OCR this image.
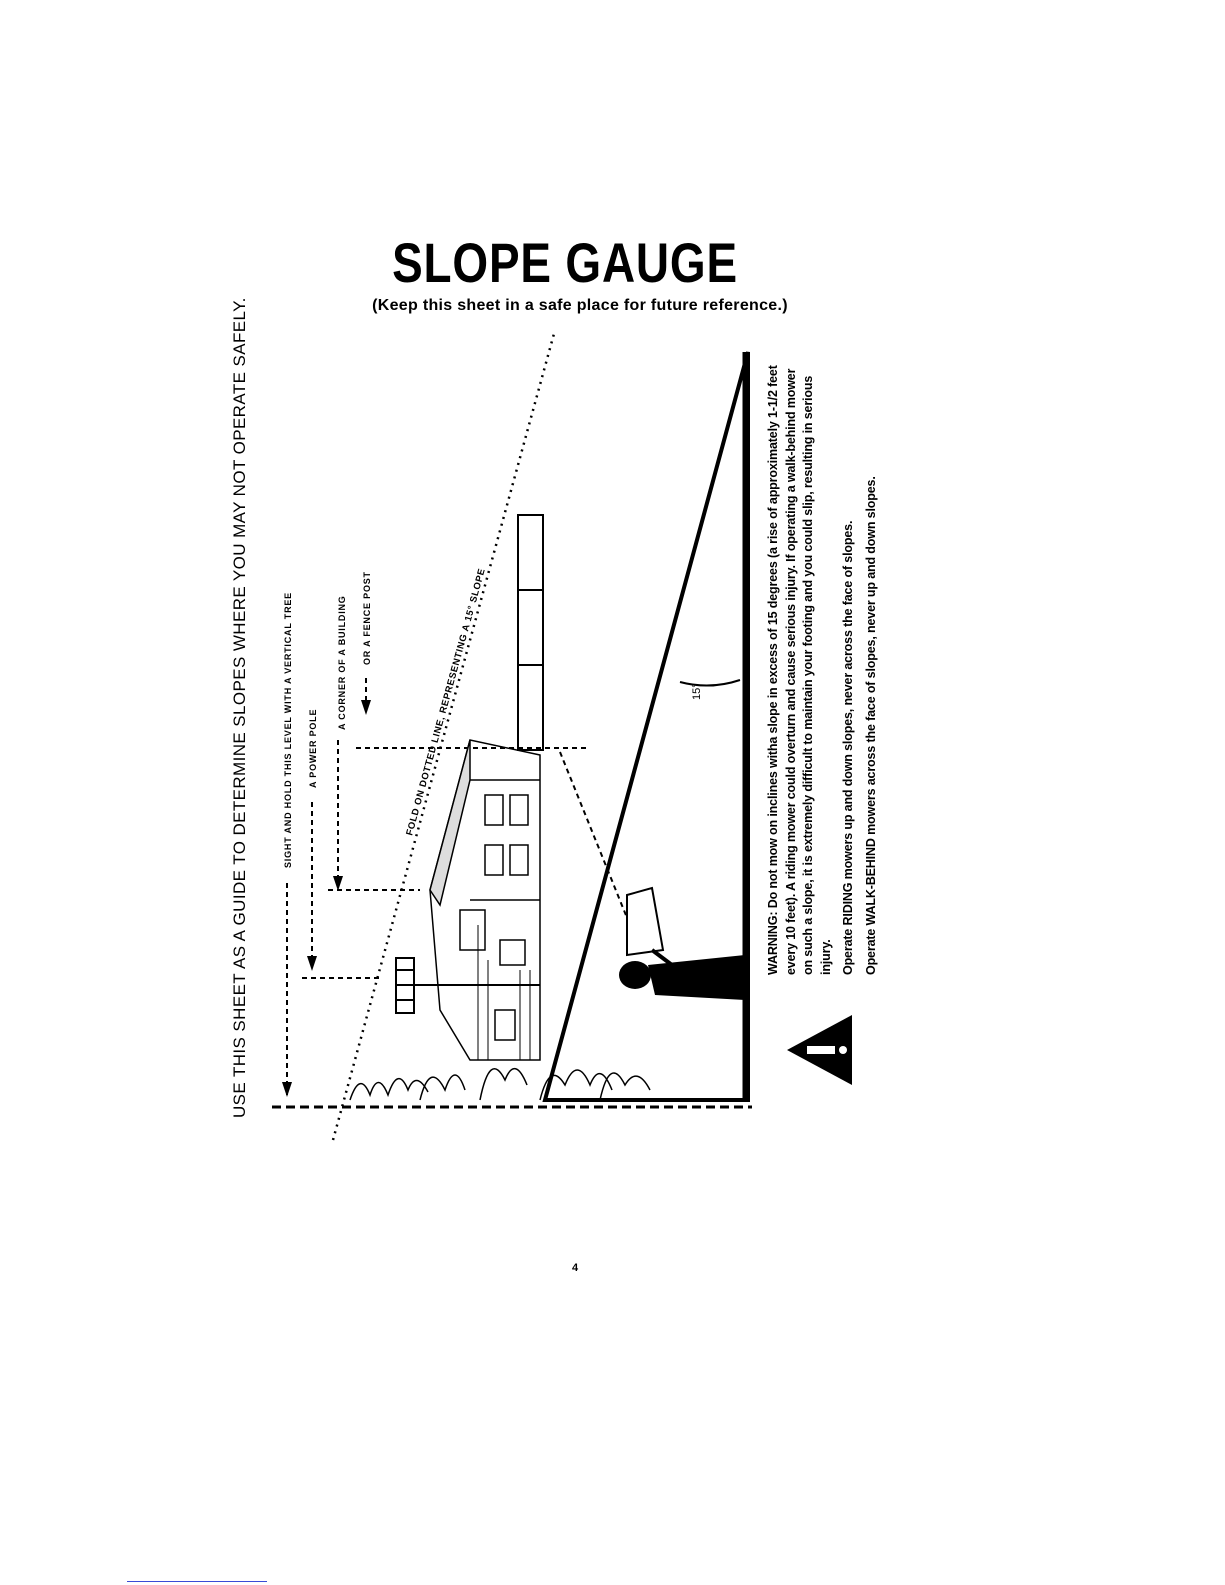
SLOPE GAUGE
(Keep this sheet in a safe place for future reference.)
USE THIS SHEET AS A GUIDE TO DETERMINE SLOPES WHERE YOU MAY NOT OPERATE SAFELY.	SIGHT AND HOLD THIS LEVEL WITH A VERTICAL TREE A POWER POLE
A CORNER OF A BUILDING OR A FENCE POST
15°
FOLD ON DOTTED LINE, REPRESENTING A 15° SLOPE	WARNING: Do not mow on inclines witha slope in excess of 15 degrees (a rise of approximately 1-1/2 feet every 10 feet). A riding mower could overturn and cause serious injury. If operating a walk-behind mower on such a slope, it is extremely difficult to maintain your footing and you could slip, resulting in serious injury. Operate RIDING mowers up and down slopes, never across the face of slopes. Operate WALK-BEHIND mowers across the face of slopes, never up and down slopes.

4
